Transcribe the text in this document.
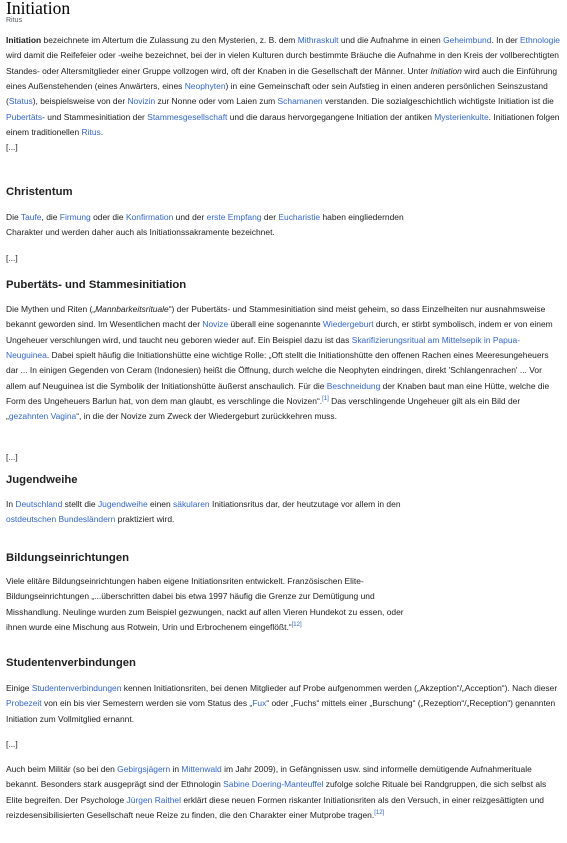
Initiation
Ritus

Initiation bezeichnete im Altertum die Zulassung zu den Mysterien, z. B. dem Mithraskult und die Aufnahme in einen Geheimbund. In der Ethnologie wird damit die Reifefeier oder -weihe bezeichnet, bei der in vielen Kulturen durch bestimmte Bräuche die Aufnahme in den Kreis der vollberechtigten Standes- oder Altersmitglieder einer Gruppe vollzogen wird, oft der Knaben in die Gesellschaft der Männer. Unter Initiation wird auch die Einführung eines Außenstehenden (eines Anwärters, eines Neophyten) in eine Gemeinschaft oder sein Aufstieg in einen anderen persönlichen Seinszustand (Status), beispielsweise von der Novizin zur Nonne oder vom Laien zum Schamanen verstanden. Die sozialgeschichtlich wichtigste Initiation ist die Pubertäts- und Stammesinitiation der Stammesgesellschaft und die daraus hervorgegangene Initiation der antiken Mysterienkulte. Initiationen folgen einem traditionellen Ritus.

[...]

Christentum

Die Taufe, die Firmung oder die Konfirmation und der erste Empfang der Eucharistie haben eingliedernden Charakter und werden daher auch als Initiationssakramente bezeichnet.

[...]

Pubertäts- und Stammesinitiation

Die Mythen und Riten („Mannbarkeitsrituale“) der Pubertäts- und Stammesinitiation sind meist geheim, so dass Einzelheiten nur ausnahmsweise bekannt geworden sind. Im Wesentlichen macht der Novize überall eine sogenannte Wiedergeburt durch, er stirbt symbolisch, indem er von einem Ungeheuer verschlungen wird, und taucht neu geboren wieder auf. Ein Beispiel dazu ist das Skarifizierungsritual am Mittelsepik in Papua-Neuguinea. Dabei spielt häufig die Initiationshütte eine wichtige Rolle: „Oft stellt die Initiationshütte den offenen Rachen eines Meeresungeheuers dar ... In einigen Gegenden von Ceram (Indonesien) heißt die Öffnung, durch welche die Neophyten eindringen, direkt 'Schlangenrachen' ... Vor allem auf Neuguinea ist die Symbolik der Initiationshütte äußerst anschaulich. Für die Beschneidung der Knaben baut man eine Hütte, welche die Form des Ungeheuers Barlun hat, von dem man glaubt, es verschlinge die Novizen“.[1] Das verschlingende Ungeheuer gilt als ein Bild der „gezahnten Vagina“, in die der Novize zum Zweck der Wiedergeburt zurückkehren muss.

[...]

Jugendweihe

In Deutschland stellt die Jugendweihe einen säkularen Initiationsritus dar, der heutzutage vor allem in den ostdeutschen Bundesländern praktiziert wird.

Bildungseinrichtungen

Viele elitäre Bildungseinrichtungen haben eigene Initiationsriten entwickelt. Französischen Elite-Bildungseinrichtungen „...überschritten dabei bis etwa 1997 häufig die Grenze zur Demütigung und Misshandlung. Neulinge wurden zum Beispiel gezwungen, nackt auf allen Vieren Hundekot zu essen, oder ihnen wurde eine Mischung aus Rotwein, Urin und Erbrochenem eingeflößt.“[12]

Studentenverbindungen

Einige Studentenverbindungen kennen Initiationsriten, bei denen Mitglieder auf Probe aufgenommen werden („Akzeption“/„Acception“). Nach dieser Probezeit von ein bis vier Semestern werden sie vom Status des „Fux“ oder „Fuchs“ mittels einer „Burschung“ („Rezeption“/„Reception“) genannten Initiation zum Vollmitglied ernannt.

[...]

Auch beim Militär (so bei den Gebirgsjägern in Mittenwald im Jahr 2009), in Gefängnissen usw. sind informelle demütigende Aufnahmerituale bekannt. Besonders stark ausgeprägt sind der Ethnologin Sabine Doering-Manteuffel zufolge solche Rituale bei Randgruppen, die sich selbst als Elite begreifen. Der Psychologe Jürgen Raithel erklärt diese neuen Formen riskanter Initiationsriten als den Versuch, in einer reizgesättigten und reizdesensibilisierten Gesellschaft neue Reize zu finden, die den Charakter einer Mutprobe tragen.[12]
